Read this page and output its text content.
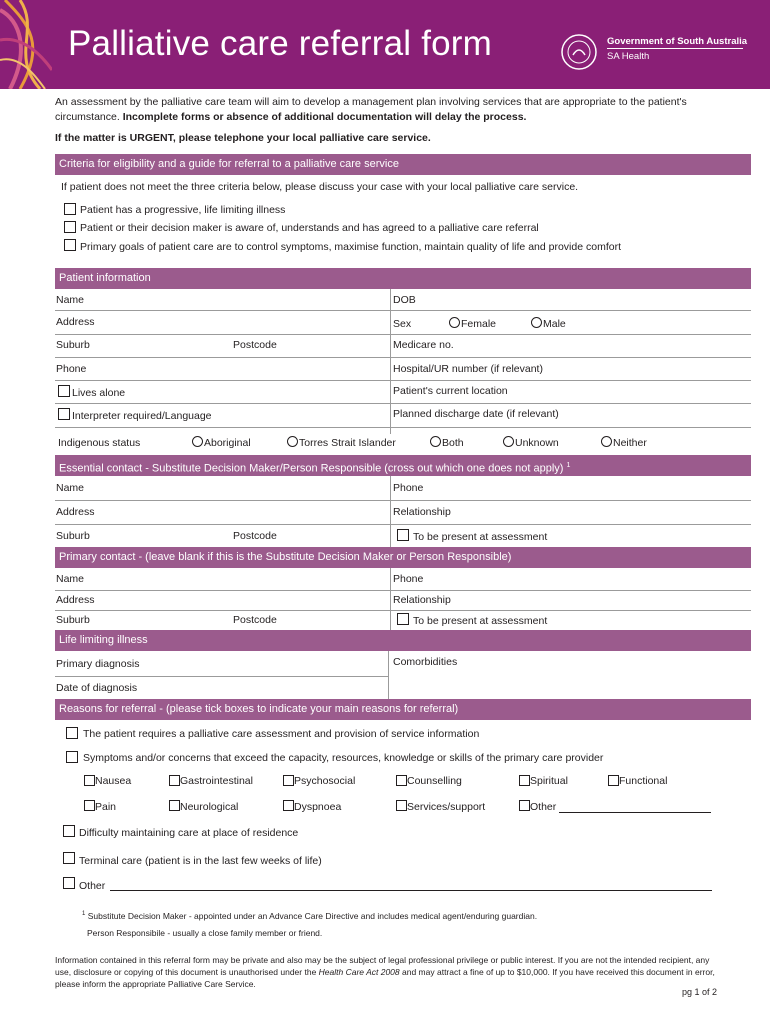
Palliative care referral form	Government of South Australia
SA Health
An assessment by the palliative care team will aim to develop a management plan involving services that are appropriate to the patient's circumstance. Incomplete forms or absence of additional documentation will delay the process.
If the matter is URGENT, please telephone your local palliative care service.
Criteria for eligibility and a guide for referral to a palliative care service
If patient does not meet the three criteria below, please discuss your case with your local palliative care service.
Patient has a progressive, life limiting illness
Patient or their decision maker is aware of, understands and has agreed to a palliative care referral
Primary goals of patient care are to control symptoms, maximise function, maintain quality of life and provide comfort
Patient information
Name	DOB
Address	Sex	Female	Male
Suburb	Postcode	Medicare no.
Phone	Hospital/UR number (if relevant)
Lives alone	Patient's current location
Interpreter required/Language	Planned discharge date (if relevant)
Indigenous status	Aboriginal	Torres Strait Islander	Both	Unknown	Neither
Essential contact - Substitute Decision Maker/Person Responsible (cross out which one does not apply) $^1$
Name	Phone
Address	Relationship
Suburb	Postcode	To be present at assessment
Primary contact - (leave blank if this is the Substitute Decision Maker or Person Responsible)
Name	Phone
Address	Relationship
Suburb	Postcode	To be present at assessment
Life limiting illness
Primary diagnosis	Comorbidities
Date of diagnosis
Reasons for referral - (please tick boxes to indicate your main reasons for referral)
The patient requires a palliative care assessment and provision of service information
Symptoms and/or concerns that exceed the capacity, resources, knowledge or skills of the primary care provider
Nausea	Gastrointestinal	Psychosocial	Counselling	Spiritual	Functional
Pain	Neurological	Dyspnoea	Services/support	Other
Difficulty maintaining care at place of residence
Terminal care (patient is in the last few weeks of life)
Other
$^1$ Substitute Decision Maker - appointed under an Advance Care Directive and includes medical agent/enduring guardian.
Person Responsibile - usually a close family member or friend.
Information contained in this referral form may be private and also may be the subject of legal professional privilege or public interest. If you are not the intended recipient, any use, disclosure or copying of this document is unauthorised under the Health Care Act 2008 and may attract a fine of up to $10,000. If you have received this document in error, please inform the appropriate Palliative Care Service.
pg 1 of 2
